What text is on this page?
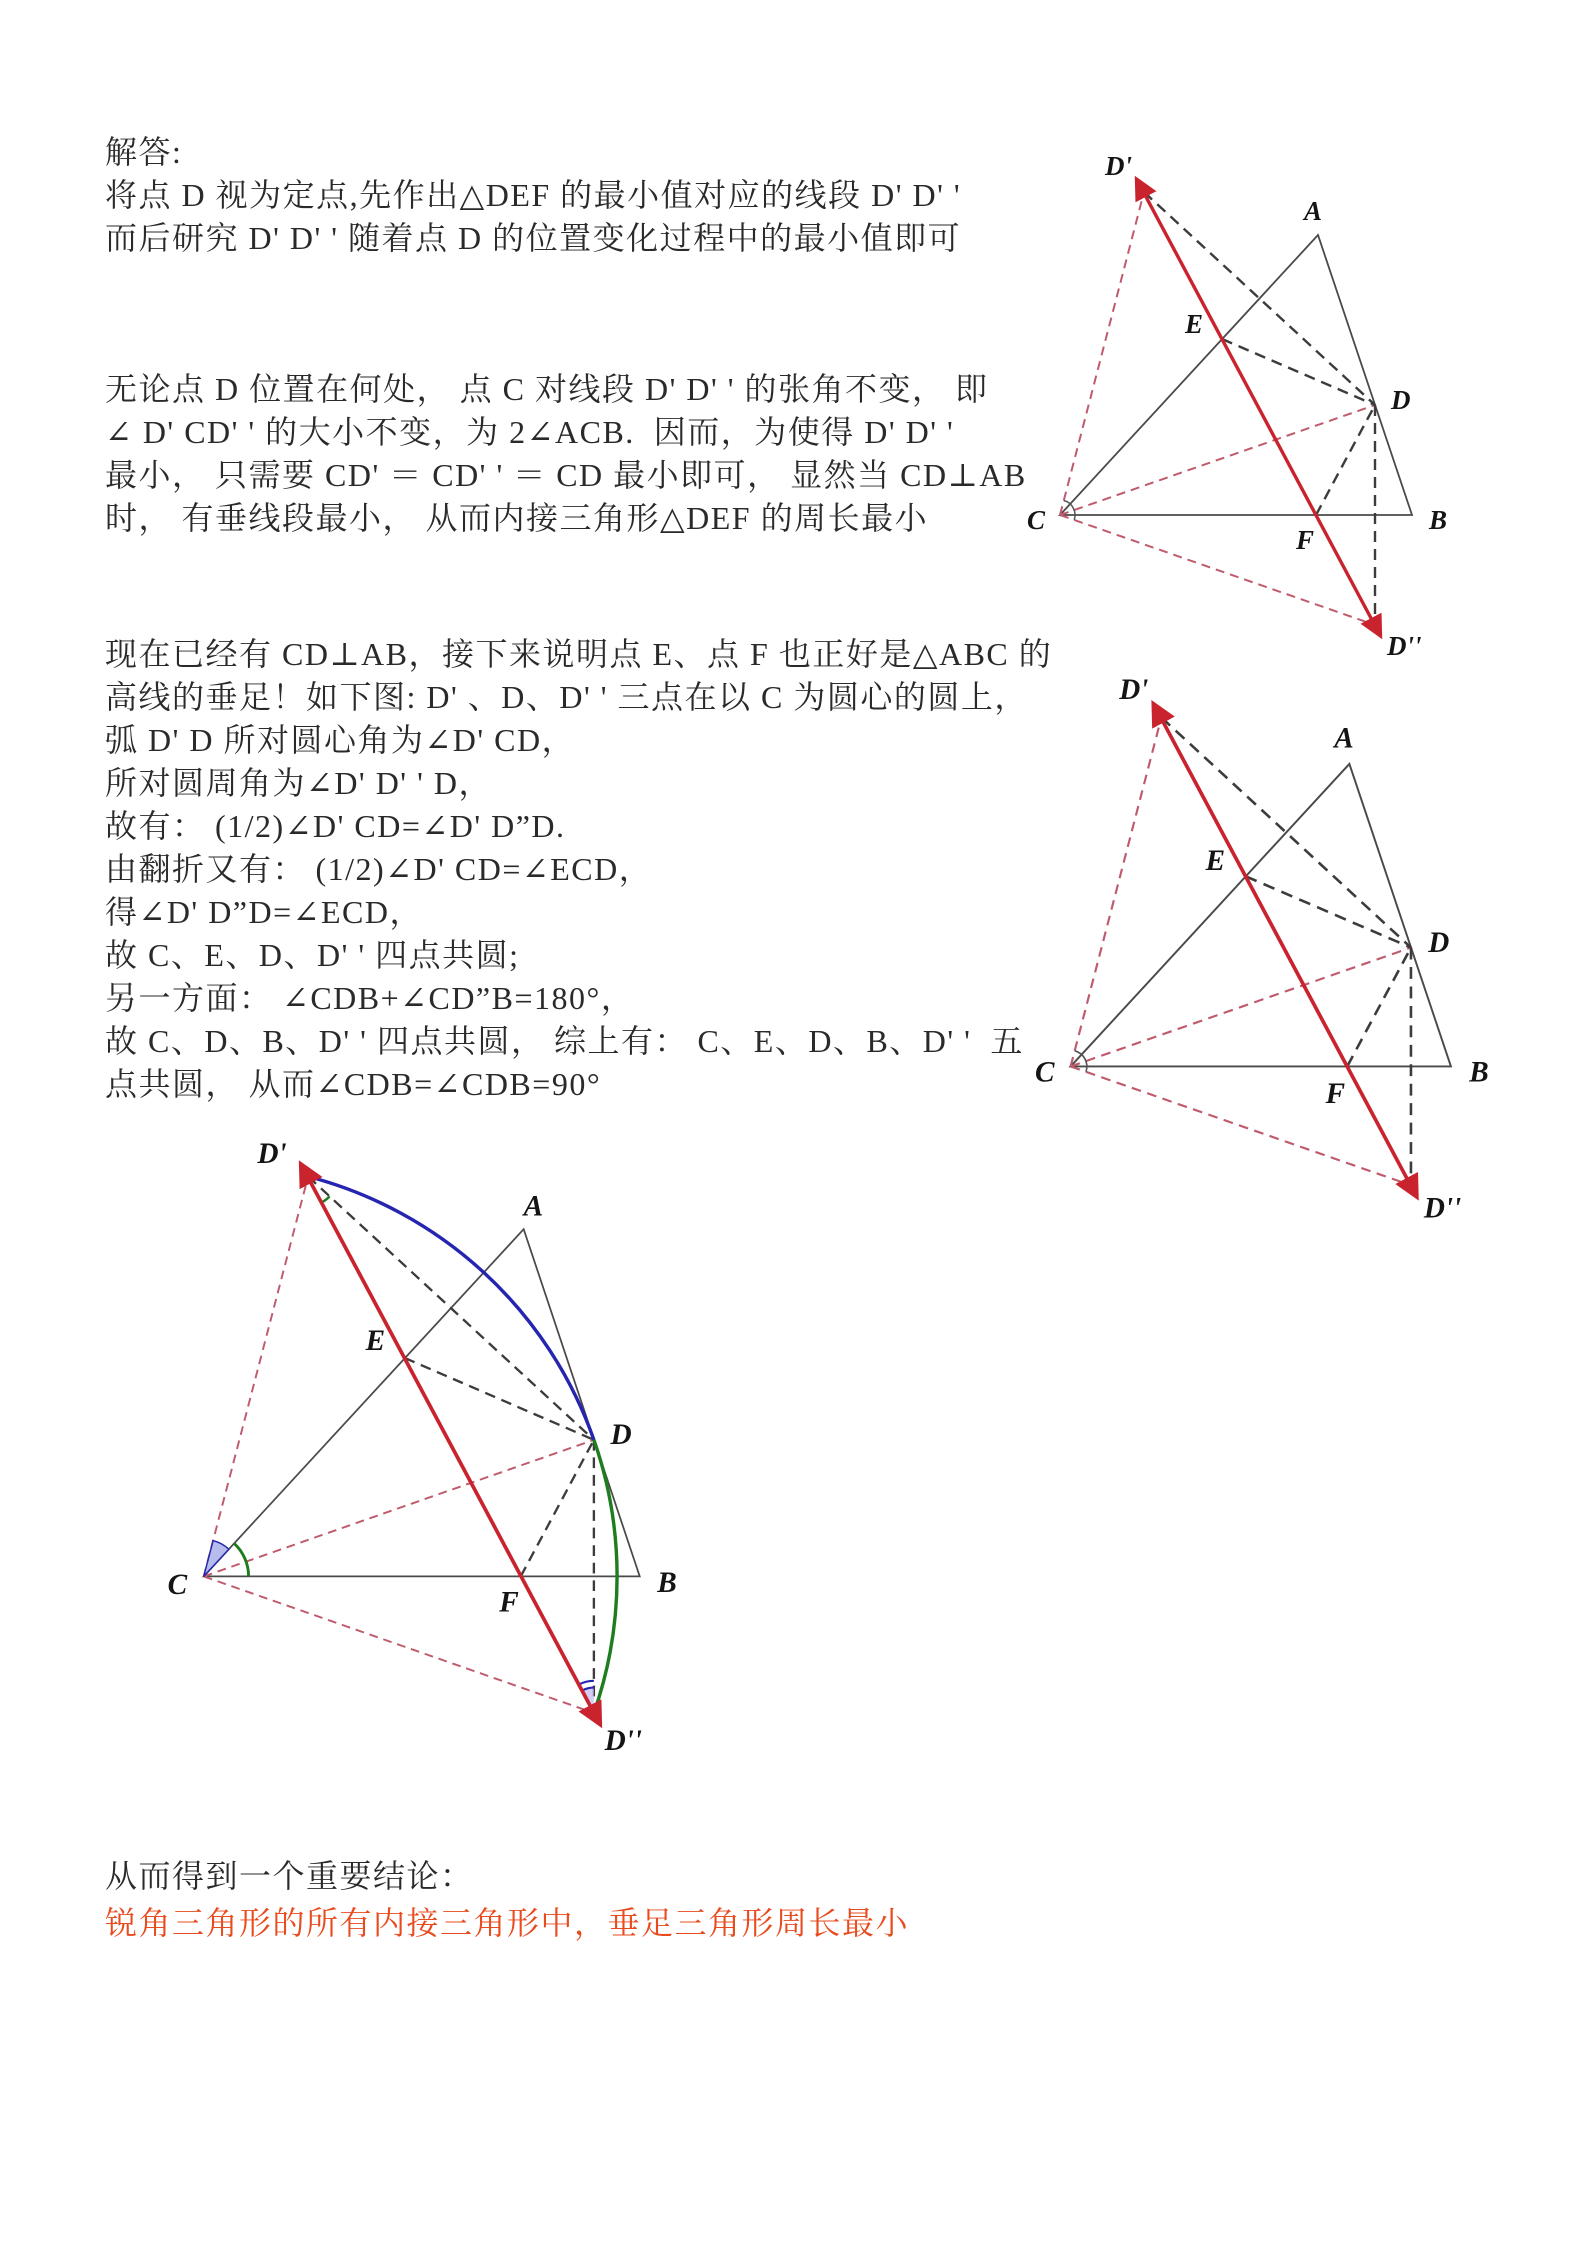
解答:
将点 D 视为定点,先作出△DEF 的最小值对应的线段 D' D' '
而后研究 D' D' ' 随着点 D 的位置变化过程中的最小值即可
无论点 D 位置在何处， 点 C 对线段 D' D' ' 的张角不变， 即
∠ D' CD' ' 的大小不变，为 2∠ACB.  因而，为使得 D' D' '
最小， 只需要 CD' ＝ CD' ' ＝ CD 最小即可， 显然当 CD⊥AB
时， 有垂线段最小， 从而内接三角形△DEF 的周长最小
现在已经有 CD⊥AB，接下来说明点 E、点 F 也正好是△ABC 的
高线的垂足！如下图: D' 、D、D' ' 三点在以 C 为圆心的圆上，
弧 D' D 所对圆心角为∠D' CD，
所对圆周角为∠D' D' ' D，
故有： (1/2)∠D' CD=∠D' D”D.
由翻折又有： (1/2)∠D' CD=∠ECD，
得∠D' D”D=∠ECD，
故 C、E、D、D' ' 四点共圆;
另一方面： ∠CDB+∠CD”B=180°，
故 C、D、B、D' ' 四点共圆， 综上有： C、E、D、B、D' '  五
点共圆， 从而∠CDB=∠CDB=90°
从而得到一个重要结论：
锐角三角形的所有内接三角形中，垂足三角形周长最小
D'
A
E
D
C
F
B
D''
D'
A
E
D
C
F
B
D''
D'
A
E
D
C
F
B
D''
